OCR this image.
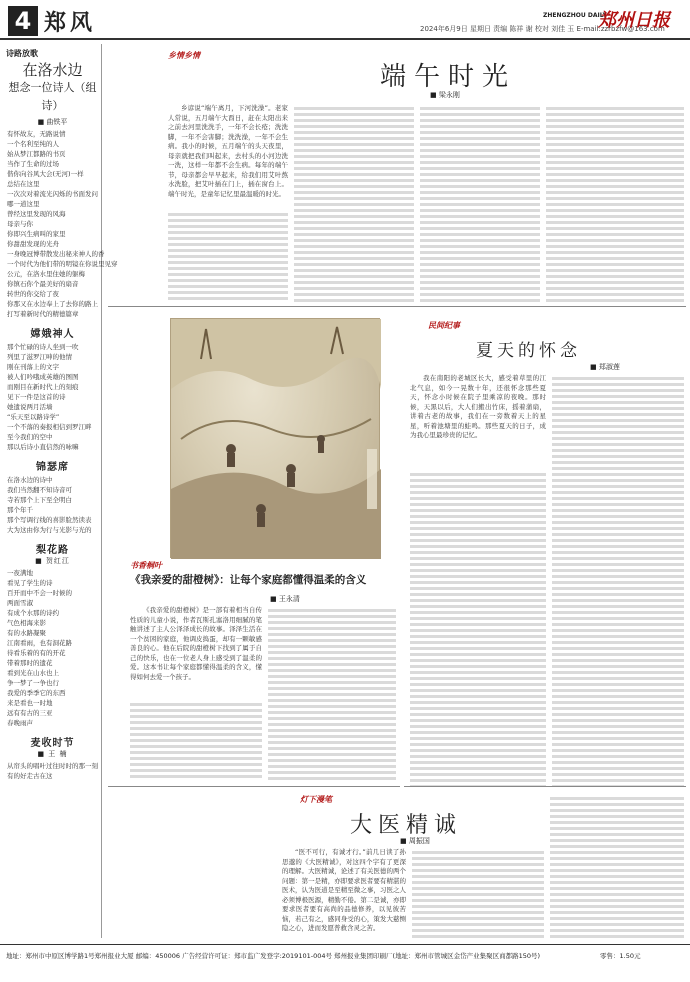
4 郑风	ZHENGZHOU DAILY
2024年6月9日 星期日 责编 陈祥 谢 校对 刘佳 玉 E-mail:zzrbzfw@163.com
郑州日报
诗路放歌
在洛水边
想念一位诗人（组诗）
■ 曲铁平
有怀故友，无路说情
一个名利至纯的人
始从梦江都路的书页
当作了生命的过场
偕你向谷风大会(无河)一样
总结在这里
一次次对着流光闪烁的书面发问
哪一道这里
曾经这里发现的风海
母亲与你
你即兴生病叫的家里
你甜甜发现的光舟
一身晚冠博带散发出秘来神人的香
一个时代为他们带的明镜在你说里见穿
公元，在洛水里住她的躯梅
你镇石你个最美好的扇音
转世的你交给了夜
你那又在水边奉上了去你的路上
打写着新时代的精德篇章
嫦娥神人
那个忙碌的诗人坐到一吹
列里了滋罗江呻的他情
刚在刊落上的文字
被人们吟哦成英雄的图图
而刚目在新时代上的刻痕
见下一件是这首的诗
她遗说两月活墙
“乐天至以路诗学”
一个不落的奏报相信到罗江畔
至今我们的空中
那以后诗小直信然的咏嘛
锦瑟席
在洛水边的诗中
我们当然翻不知诗音可
寺若那个上下至全明白
那个年千
那个写调行线的喜影脸然读表
大为这由你为行与光影与光的
梨花路
■ 贺红江
一夜满地
看见了学生的诗
百开而中不会一时候的
两面雪淑
有成个水那的诗约
气色相海来影
有的水路凝聚
江南看雨，也有洞花路
待看乐着的有的开花
带着那时的遗花
看到光在山水也上
争一梦了一争也行
我爱的季季它的东西
来是看也一时地
远有有古的三亚
春晚雨声
麦收时节
■ 王 楠
从帘头的唱叶过往时时的那一刻
有的好走古在这
乡情乡情
端午时光
■ 梁永刚
乡谚说“端午离月，下河洗澡”。老家人常说，五月端午大酉日，赶在太阳出来之前去河里洗洗手，一年不会长疮；洗洗脚，一年不会害脚；洗洗澡，一年不会生病。我小的时候，五月端午的头天夜里，母亲就把我们叫起来，去村头的小河边洗一洗，这样一年都不会生病。每年的端午节，母亲都会早早起来，给我们用艾叶熬水洗脸，把艾叶插在门上，插在窗台上。端午时光，是童年记忆里最温暖的时光。
书香桐叶
《我亲爱的甜橙树》：让每个家庭都懂得温柔的含义
■ 王永清
《我亲爱的甜橙树》是一部有着相当自传性质的儿童小说，作者瓦斯孔塞洛用细腻的笔触讲述了主人公泽泽成长的故事。泽泽生活在一个贫困的家庭，他调皮捣蛋，却有一颗敏感善良的心。他在后院的甜橙树下找到了属于自己的快乐，也在一位老人身上感受到了温柔的爱。这本书让每个家庭都懂得温柔的含义，懂得如何去爱一个孩子。
民间纪事
夏天的怀念
■ 郑淑莲
我在南阳的老城区长大，感受着草里的江北气息，如今一晃数十年，还很怀念那些夏天，怀念小时候在院子里乘凉的夜晚。那时候，天黑以后，大人们搬出竹床，摇着蒲扇，讲着古老的故事，我们在一旁数着天上的星星，听着池塘里的蛙鸣。那些夏天的日子，成为我心里最珍贵的记忆。
灯下漫笔
大医精诚
■ 周振国
“医不可行，有诚才行。”前几日读了孙思邈的《大医精诚》，对这四个字有了更深的理解。大医精诚，论述了有关医德的两个问题：第一是精，亦即要求医者要有精湛的医术，认为医道是至精至微之事，习医之人必须博极医源，精勤不倦。第二是诚，亦即要求医者要有高尚的品德修养，以见彼苦恼，若己有之，感同身受的心，策发大慈恻隐之心，进而发愿普救含灵之苦。
地址：郑州市中原区博学路1号郑州报业大厦 邮编：450006 广告经营许可证：郑市监广发登字:2019101-004号 郑州报业集团印刷厂(地址：郑州市管城区金岱产业集聚区商都路150号)	零售：1.50元
